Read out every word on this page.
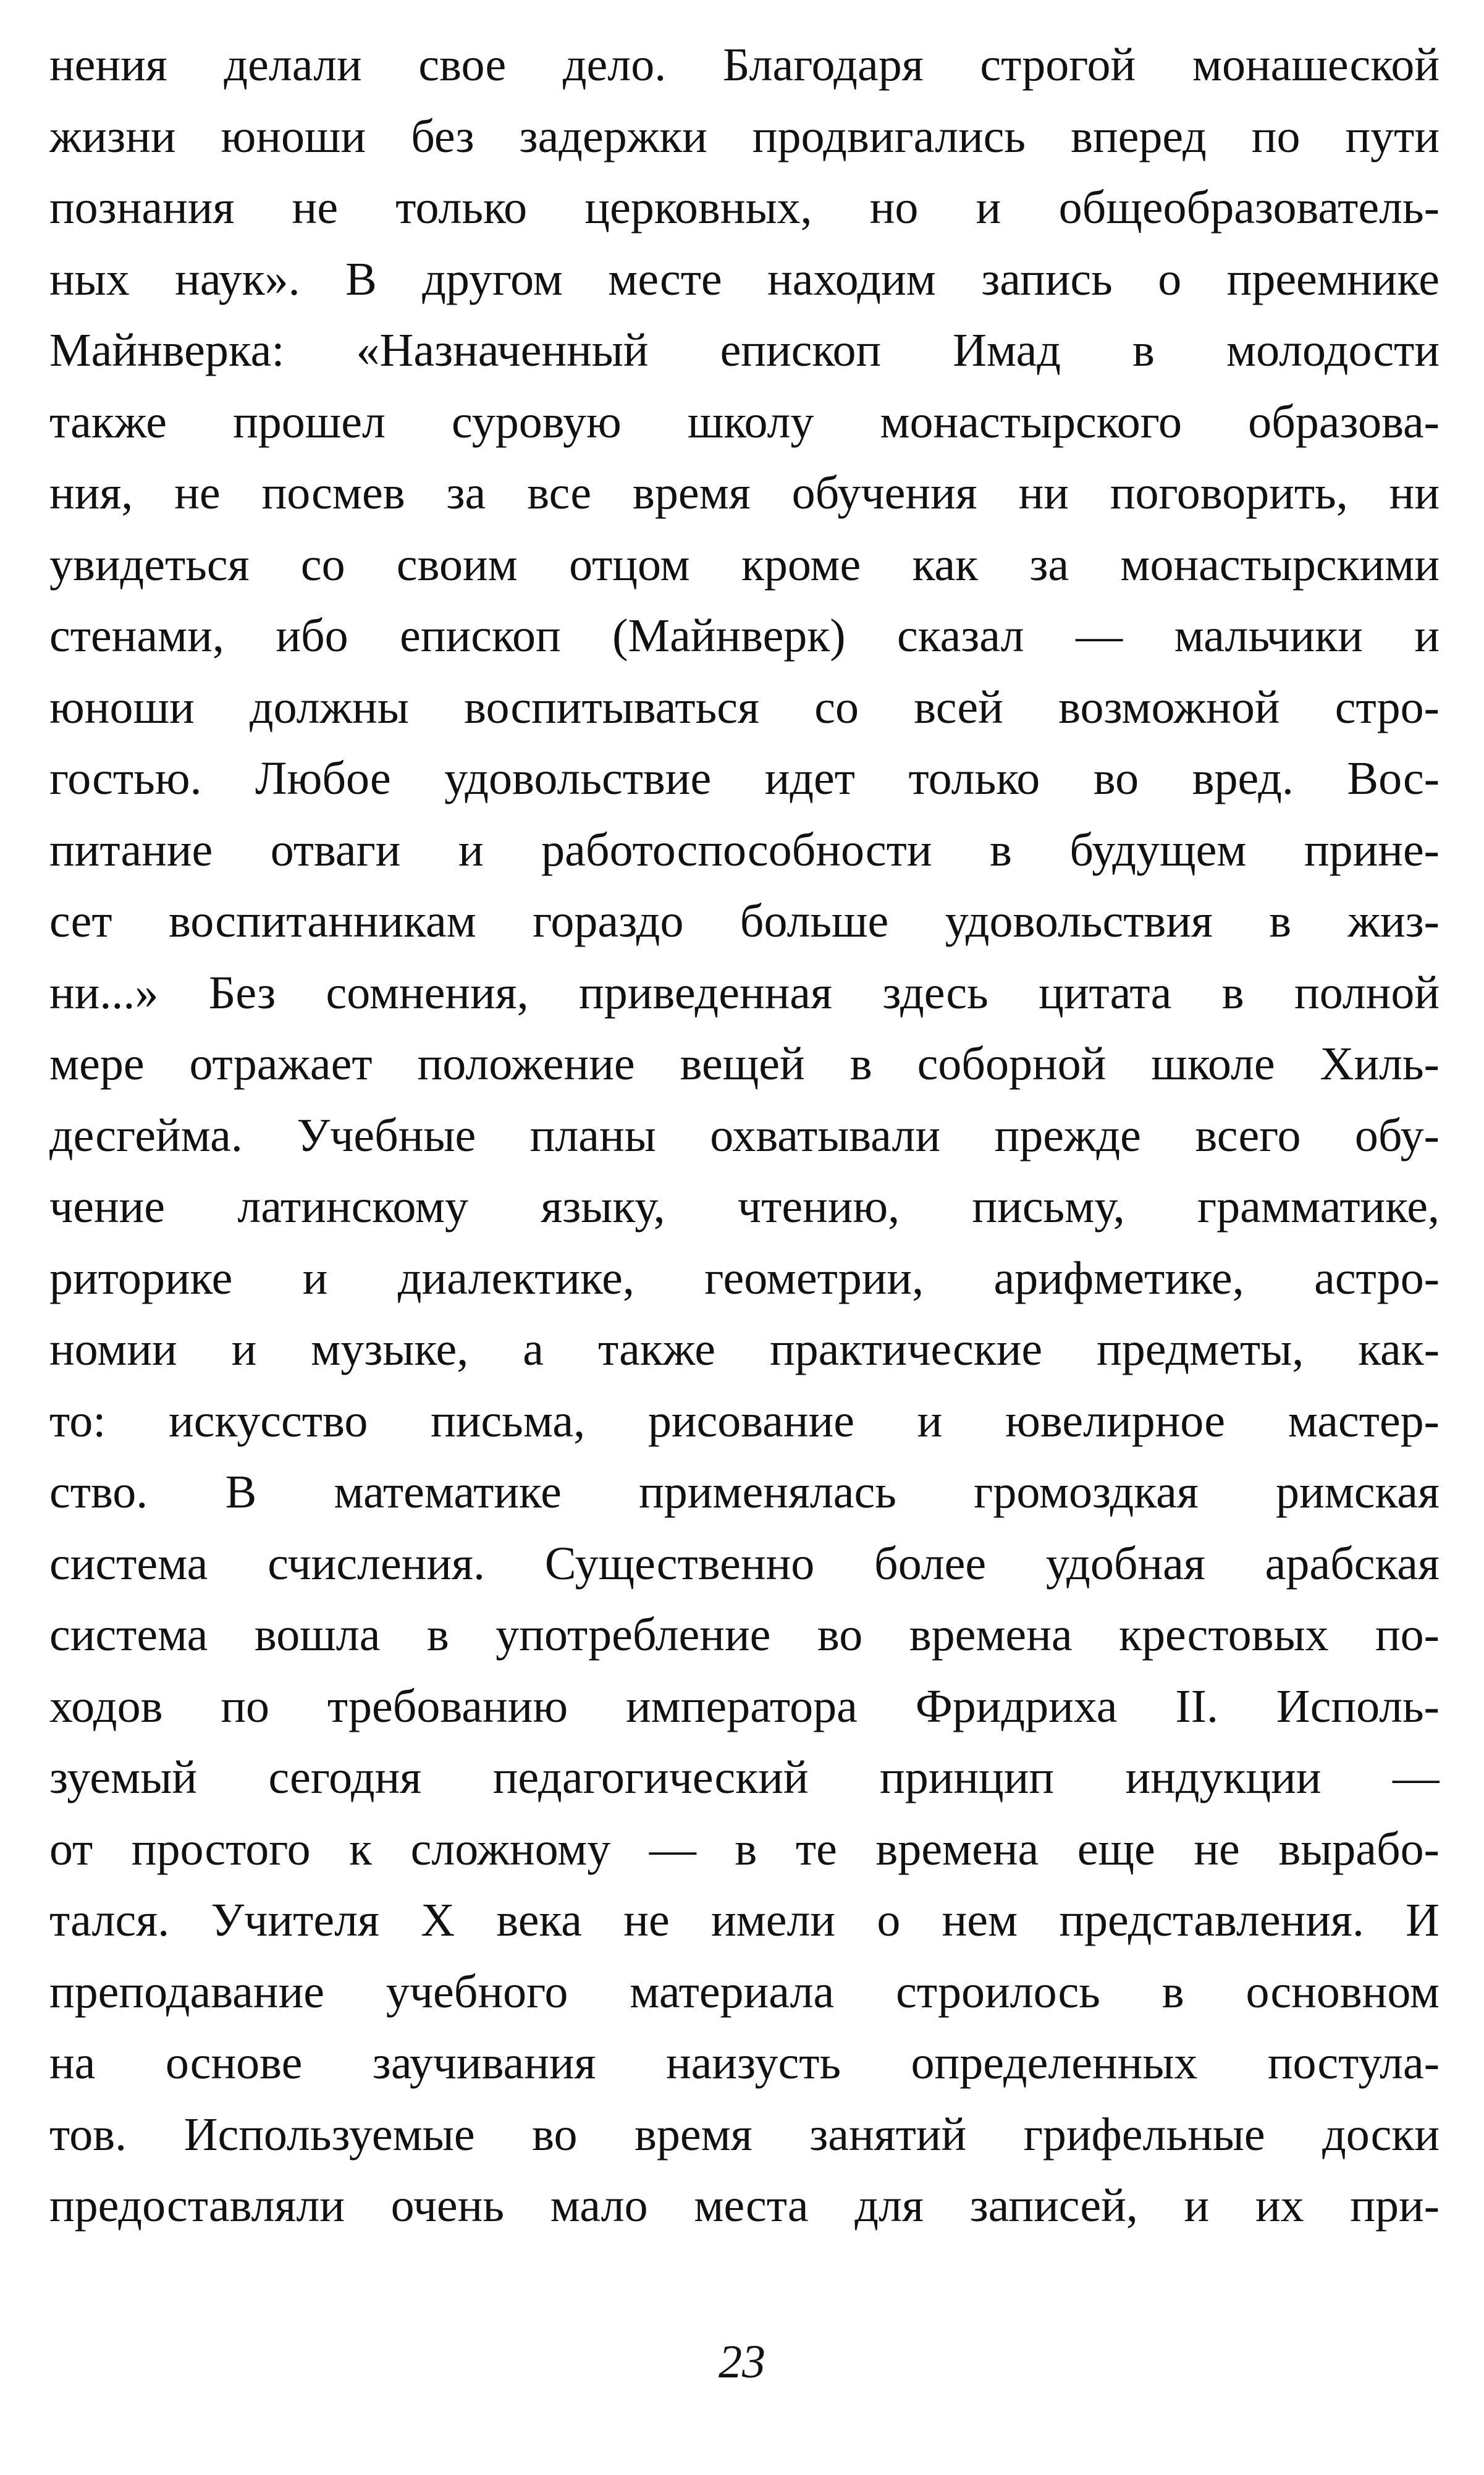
нения делали свое дело. Благодаря строгой монашеской
жизни юноши без задержки продвигались вперед по пути
познания не только церковных, но и общеобразователь-
ных наук». В другом месте находим запись о преемнике
Майнверка: «Назначенный епископ Имад в молодости
также прошел суровую школу монастырского образова-
ния, не посмев за все время обучения ни поговорить, ни
увидеться со своим отцом кроме как за монастырскими
стенами, ибо епископ (Майнверк) сказал — мальчики и
юноши должны воспитываться со всей возможной стро-
гостью. Любое удовольствие идет только во вред. Вос-
питание отваги и работоспособности в будущем прине-
сет воспитанникам гораздо больше удовольствия в жиз-
ни...» Без сомнения, приведенная здесь цитата в полной
мере отражает положение вещей в соборной школе Хиль-
десгейма. Учебные планы охватывали прежде всего обу-
чение латинскому языку, чтению, письму, грамматике,
риторике и диалектике, геометрии, арифметике, астро-
номии и музыке, а также практические предметы, как-
то: искусство письма, рисование и ювелирное мастер-
ство. В математике применялась громоздкая римская
система счисления. Существенно более удобная арабская
система вошла в употребление во времена крестовых по-
ходов по требованию императора Фридриха II. Исполь-
зуемый сегодня педагогический принцип индукции —
от простого к сложному — в те времена еще не вырабо-
тался. Учителя X века не имели о нем представления. И
преподавание учебного материала строилось в основном
на основе заучивания наизусть определенных постула-
тов. Используемые во время занятий грифельные доски
предоставляли очень мало места для записей, и их при-
23
